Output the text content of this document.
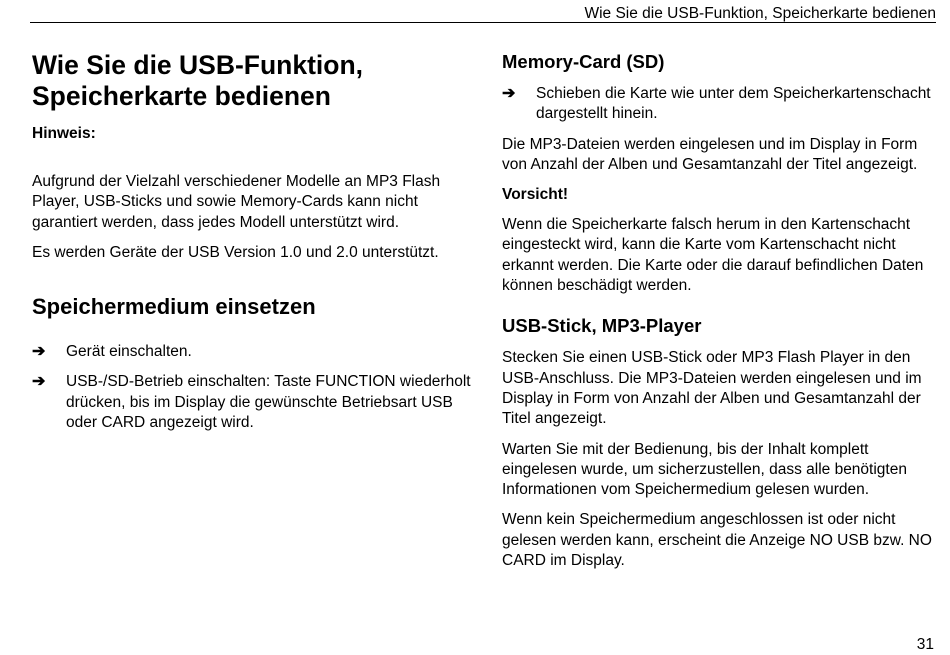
Wie Sie die USB-Funktion, Speicherkarte bedienen
Wie Sie die USB-Funktion,
Speicherkarte bedienen
Hinweis:

Aufgrund der Vielzahl verschiedener Modelle an MP3 Flash Player, USB-Sticks und sowie Memory-Cards kann nicht garantiert werden, dass jedes Modell unterstützt wird.

Es werden Geräte der USB Version 1.0 und 2.0 unterstützt.

Speichermedium einsetzen
➔ Gerät einschalten.
➔ USB-/SD-Betrieb einschalten: Taste FUNCTION wiederholt drücken, bis im Display die gewünschte Betriebsart USB oder CARD angezeigt wird.
Memory-Card (SD)
➔ Schieben die Karte wie unter dem Speicherkartenschacht dargestellt hinein.

Die MP3-Dateien werden eingelesen und im Display in Form von Anzahl der Alben und Gesamtanzahl der Titel angezeigt.

Vorsicht!

Wenn die Speicherkarte falsch herum in den Kartenschacht eingesteckt wird, kann die Karte vom Kartenschacht nicht erkannt werden. Die Karte oder die darauf befindlichen Daten können beschädigt werden.

USB-Stick, MP3-Player

Stecken Sie einen USB-Stick oder MP3 Flash Player in den USB-Anschluss. Die MP3-Dateien werden eingelesen und im Display in Form von Anzahl der Alben und Gesamtanzahl der Titel angezeigt.

Warten Sie mit der Bedienung, bis der Inhalt komplett eingelesen wurde, um sicherzustellen, dass alle benötigten Informationen vom Speichermedium gelesen wurden.

Wenn kein Speichermedium angeschlossen ist oder nicht gelesen werden kann, erscheint die Anzeige NO USB bzw. NO CARD im Display.

31
